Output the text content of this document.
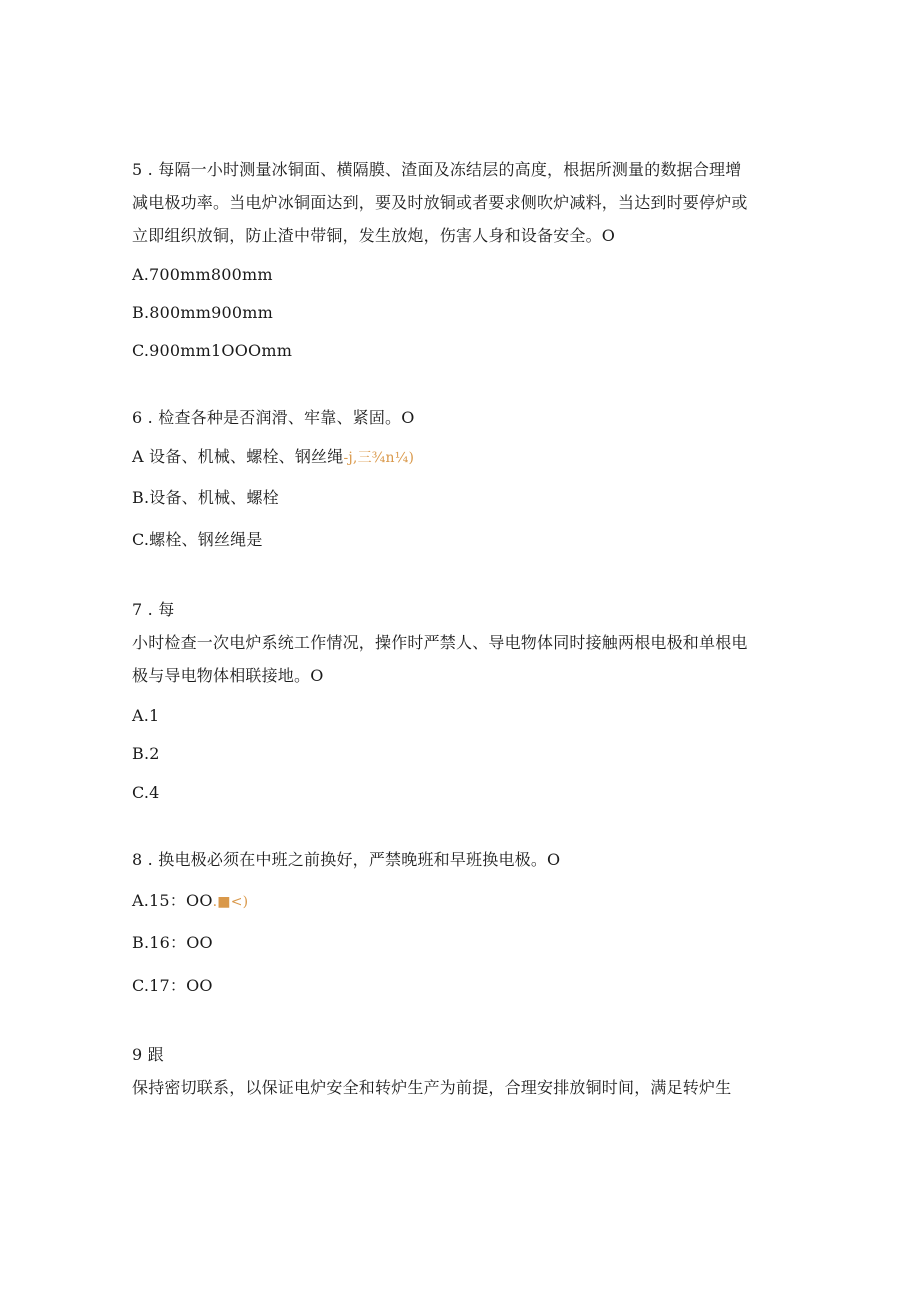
5 . 每隔一小时测量冰铜面、横隔膜、渣面及冻结层的高度，根据所测量的数据合理增
减电极功率。当电炉冰铜面达到，要及时放铜或者要求侧吹炉减料，当达到时要停炉或
立即组织放铜，防止渣中带铜，发生放炮，伤害人身和设备安全。O
A.700mm800mm
B.800mm900mm
C.900mm1OOOmm
6 . 检查各种是否润滑、牢靠、紧固。O
A 设备、机械、螺栓、钢丝绳-j,三¾n¼)
B.设备、机械、螺栓
C.螺栓、钢丝绳是
7 . 每
小时检查一次电炉系统工作情况，操作时严禁人、导电物体同时接触两根电极和单根电
极与导电物体相联接地。O
A.1
B.2
C.4
8 . 换电极必须在中班之前换好，严禁晚班和早班换电极。O
A.15：OO.■<)
B.16：OO
C.17：OO
9 跟
保持密切联系，以保证电炉安全和转炉生产为前提，合理安排放铜时间，满足转炉生
